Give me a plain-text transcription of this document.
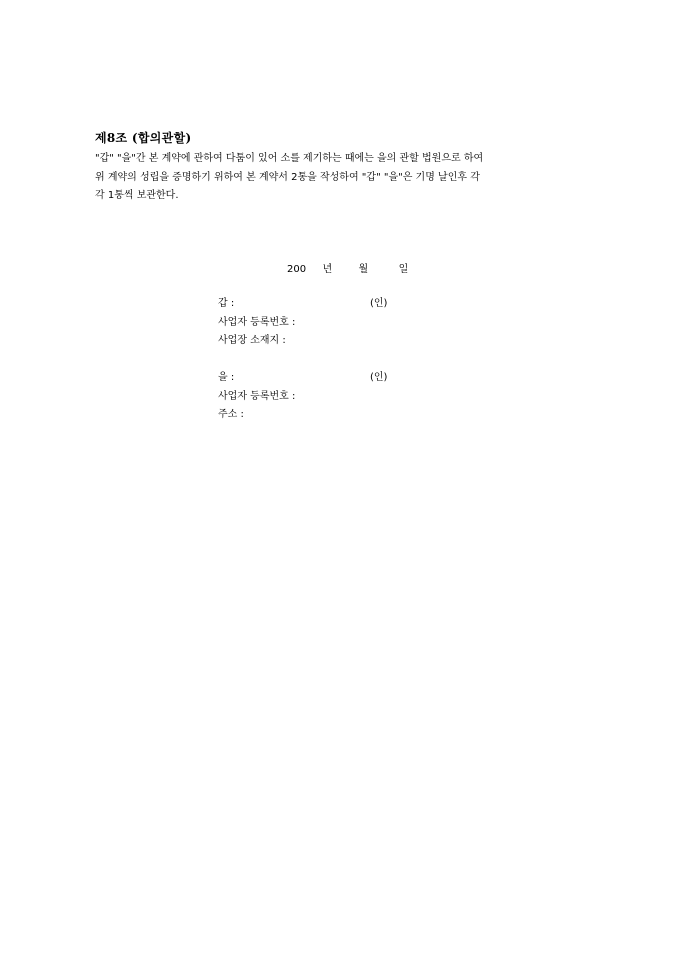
제8조 (합의관할)
"갑" "을"간 본 계약에 관하여 다툼이 있어 소를 제기하는 때에는 을의 관할 법원으로 하여
위 계약의 성립을 증명하기 위하여 본 계약서 2통을 작성하여 "갑" "을"은 기명 날인후 각
각 1통씩 보관한다.
200 년	월	일
갑 :	(인)
사업자 등록번호 :
사업장 소재지 :
을 :	(인)
사업자 등록번호 :
주소 :
